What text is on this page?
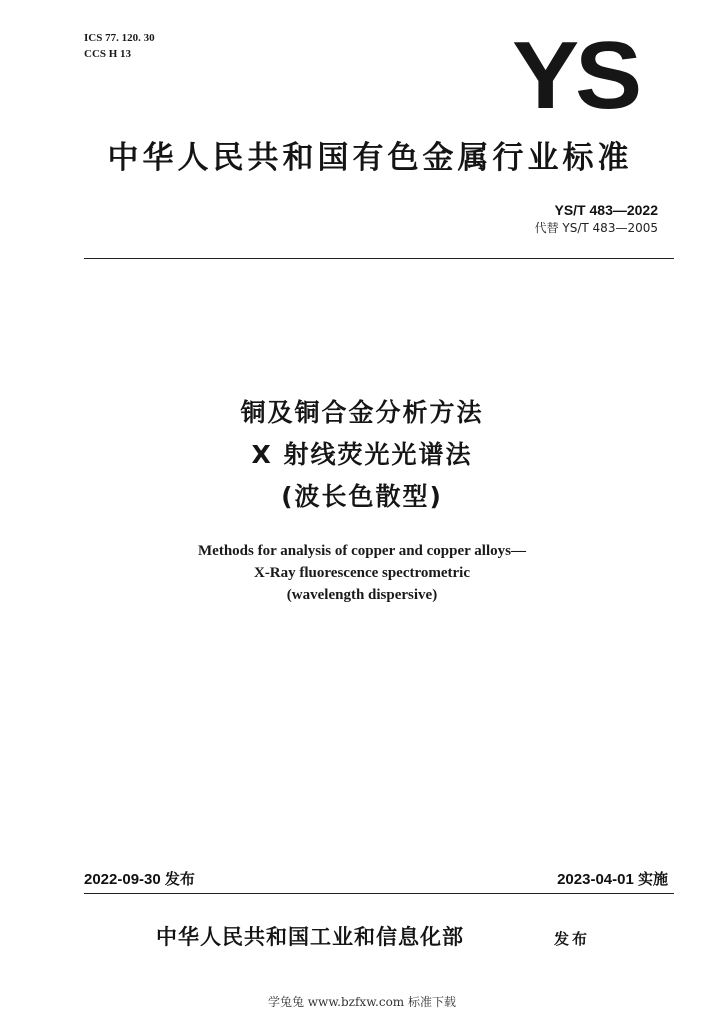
ICS 77. 120. 30
CCS H 13	YS
中华人民共和国有色金属行业标准
YS/T 483—2022
代替 YS/T 483—2005
铜及铜合金分析方法
X 射线荧光光谱法
(波长色散型)
Methods for analysis of copper and copper alloys—
X-Ray fluorescence spectrometric
(wavelength dispersive)
2022-09-30 发布	2023-04-01 实施
中华人民共和国工业和信息化部	发布
学兔兔 www.bzfxw.com 标准下载
